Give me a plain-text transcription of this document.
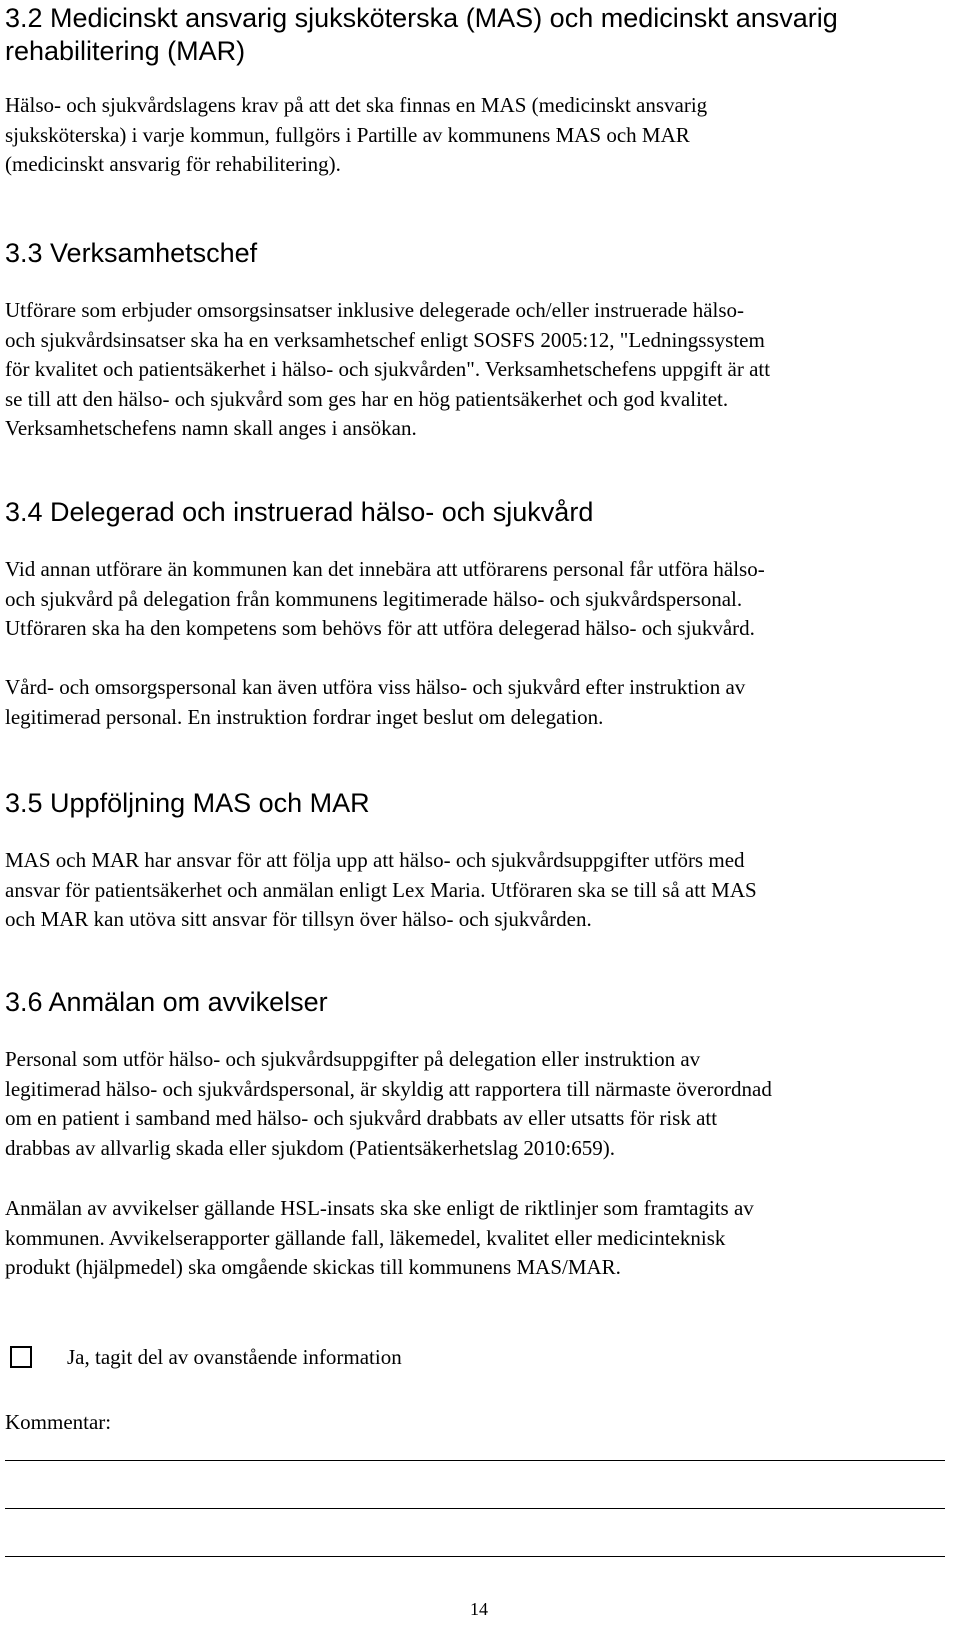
3.2 Medicinskt ansvarig sjuksköterska (MAS) och medicinskt ansvarig
rehabilitering (MAR)

Hälso- och sjukvårdslagens krav på att det ska finnas en MAS (medicinskt ansvarig
sjuksköterska) i varje kommun, fullgörs i Partille av kommunens MAS och MAR
(medicinskt ansvarig för rehabilitering).

3.3 Verksamhetschef

Utförare som erbjuder omsorgsinsatser inklusive delegerade och/eller instruerade hälso-
och sjukvårdsinsatser ska ha en verksamhetschef enligt SOSFS 2005:12, "Ledningssystem
för kvalitet och patientsäkerhet i hälso- och sjukvården". Verksamhetschefens uppgift är att
se till att den hälso- och sjukvård som ges har en hög patientsäkerhet och god kvalitet.
Verksamhetschefens namn skall anges i ansökan.

3.4 Delegerad och instruerad hälso- och sjukvård

Vid annan utförare än kommunen kan det innebära att utförarens personal får utföra hälso-
och sjukvård på delegation från kommunens legitimerade hälso- och sjukvårdspersonal.
Utföraren ska ha den kompetens som behövs för att utföra delegerad hälso- och sjukvård.

Vård- och omsorgspersonal kan även utföra viss hälso- och sjukvård efter instruktion av
legitimerad personal. En instruktion fordrar inget beslut om delegation.

3.5 Uppföljning MAS och MAR

MAS och MAR har ansvar för att följa upp att hälso- och sjukvårdsuppgifter utförs med
ansvar för patientsäkerhet och anmälan enligt Lex Maria. Utföraren ska se till så att MAS
och MAR kan utöva sitt ansvar för tillsyn över hälso- och sjukvården.

3.6 Anmälan om avvikelser

Personal som utför hälso- och sjukvårdsuppgifter på delegation eller instruktion av
legitimerad hälso- och sjukvårdspersonal, är skyldig att rapportera till närmaste överordnad
om en patient i samband med hälso- och sjukvård drabbats av eller utsatts för risk att
drabbas av allvarlig skada eller sjukdom (Patientsäkerhetslag 2010:659).

Anmälan av avvikelser gällande HSL-insats ska ske enligt de riktlinjer som framtagits av
kommunen. Avvikelserapporter gällande fall, läkemedel, kvalitet eller medicinteknisk
produkt (hjälpmedel) ska omgående skickas till kommunens MAS/MAR.

Ja, tagit del av ovanstående information

Kommentar:

14
